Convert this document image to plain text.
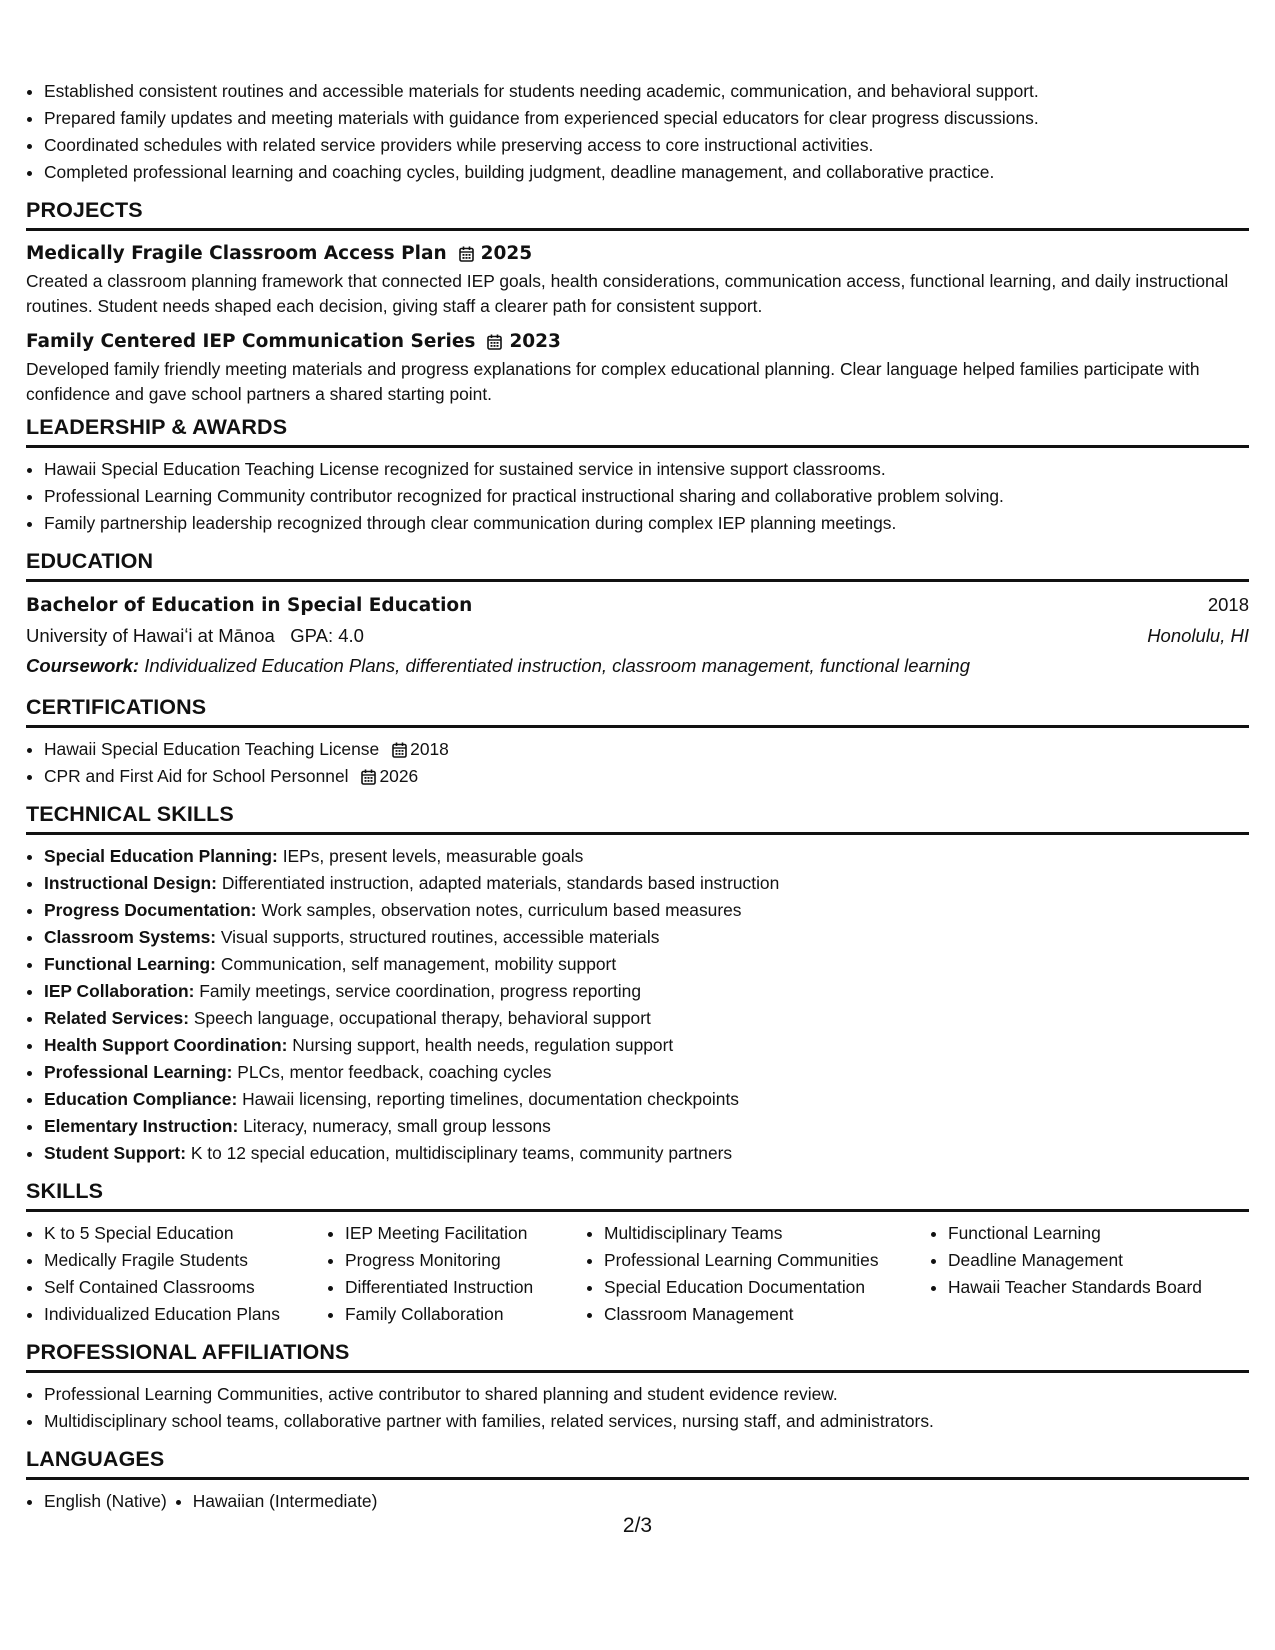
• Established consistent routines and accessible materials for students needing academic, communication, and behavioral support.
• Prepared family updates and meeting materials with guidance from experienced special educators for clear progress discussions.
• Coordinated schedules with related service providers while preserving access to core instructional activities.
• Completed professional learning and coaching cycles, building judgment, deadline management, and collaborative practice.
PROJECTS
Medically Fragile Classroom Access Plan 2025
Created a classroom planning framework that connected IEP goals, health considerations, communication access, functional learning, and daily instructional routines. Student needs shaped each decision, giving staff a clearer path for consistent support.
Family Centered IEP Communication Series 2023
Developed family friendly meeting materials and progress explanations for complex educational planning. Clear language helped families participate with confidence and gave school partners a shared starting point.
LEADERSHIP & AWARDS
• Hawaii Special Education Teaching License recognized for sustained service in intensive support classrooms.
• Professional Learning Community contributor recognized for practical instructional sharing and collaborative problem solving.
• Family partnership leadership recognized through clear communication during complex IEP planning meetings.
EDUCATION
Bachelor of Education in Special Education	2018
University of Hawaiʻi at Mānoa GPA: 4.0	Honolulu, HI
Coursework: Individualized Education Plans, differentiated instruction, classroom management, functional learning
CERTIFICATIONS
• Hawaii Special Education Teaching License 2018
• CPR and First Aid for School Personnel 2026
TECHNICAL SKILLS
• Special Education Planning: IEPs, present levels, measurable goals
• Instructional Design: Differentiated instruction, adapted materials, standards based instruction
• Progress Documentation: Work samples, observation notes, curriculum based measures
• Classroom Systems: Visual supports, structured routines, accessible materials
• Functional Learning: Communication, self management, mobility support
• IEP Collaboration: Family meetings, service coordination, progress reporting
• Related Services: Speech language, occupational therapy, behavioral support
• Health Support Coordination: Nursing support, health needs, regulation support
• Professional Learning: PLCs, mentor feedback, coaching cycles
• Education Compliance: Hawaii licensing, reporting timelines, documentation checkpoints
• Elementary Instruction: Literacy, numeracy, small group lessons
• Student Support: K to 12 special education, multidisciplinary teams, community partners
SKILLS
• K to 5 Special Education
• Medically Fragile Students
• Self Contained Classrooms
• Individualized Education Plans
• IEP Meeting Facilitation
• Progress Monitoring
• Differentiated Instruction
• Family Collaboration
• Multidisciplinary Teams
• Professional Learning Communities
• Special Education Documentation
• Classroom Management
• Functional Learning
• Deadline Management
• Hawaii Teacher Standards Board
PROFESSIONAL AFFILIATIONS
• Professional Learning Communities, active contributor to shared planning and student evidence review.
• Multidisciplinary school teams, collaborative partner with families, related services, nursing staff, and administrators.
LANGUAGES
• English (Native)
• Hawaiian (Intermediate)
2/3
